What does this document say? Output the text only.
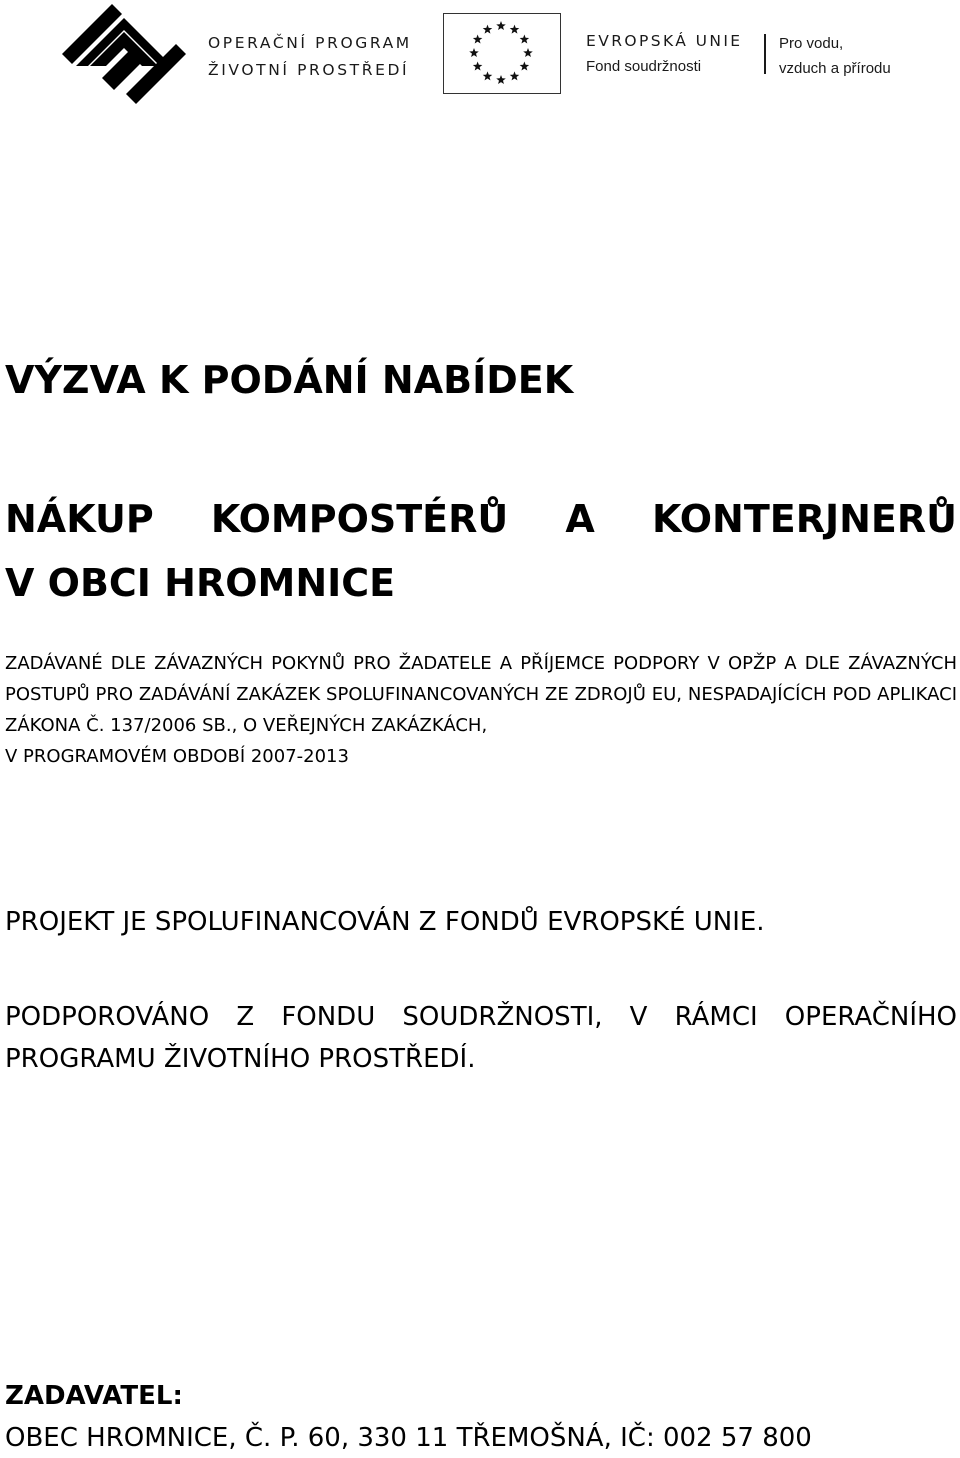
OPERAČNÍ PROGRAM
ŽIVOTNÍ PROSTŘEDÍ
EVROPSKÁ UNIE
Fond soudržnosti
Pro vodu,
vzduch a přírodu
VÝZVA K PODÁNÍ NABÍDEK
NÁKUP KOMPOSTÉRŮ A KONTERJNERŮ
V OBCI HROMNICE

ZADÁVANÉ DLE ZÁVAZNÝCH POKYNŮ PRO ŽADATELE A PŘÍJEMCE PODPORY V OPŽP A DLE ZÁVAZNÝCH POSTUPŮ PRO ZADÁVÁNÍ ZAKÁZEK SPOLUFINANCOVANÝCH ZE ZDROJŮ EU, NESPADAJÍCÍCH POD APLIKACI ZÁKONA Č. 137/2006 SB., O VEŘEJNÝCH ZAKÁZKÁCH,
V PROGRAMOVÉM OBDOBÍ 2007-2013

PROJEKT JE SPOLUFINANCOVÁN Z FONDŮ EVROPSKÉ UNIE.

PODPOROVÁNO Z FONDU SOUDRŽNOSTI, V RÁMCI OPERAČNÍHO
PROGRAMU ŽIVOTNÍHO PROSTŘEDÍ.

ZADAVATEL:

OBEC HROMNICE, Č. P. 60, 330 11 TŘEMOŠNÁ, IČ: 002 57 800
